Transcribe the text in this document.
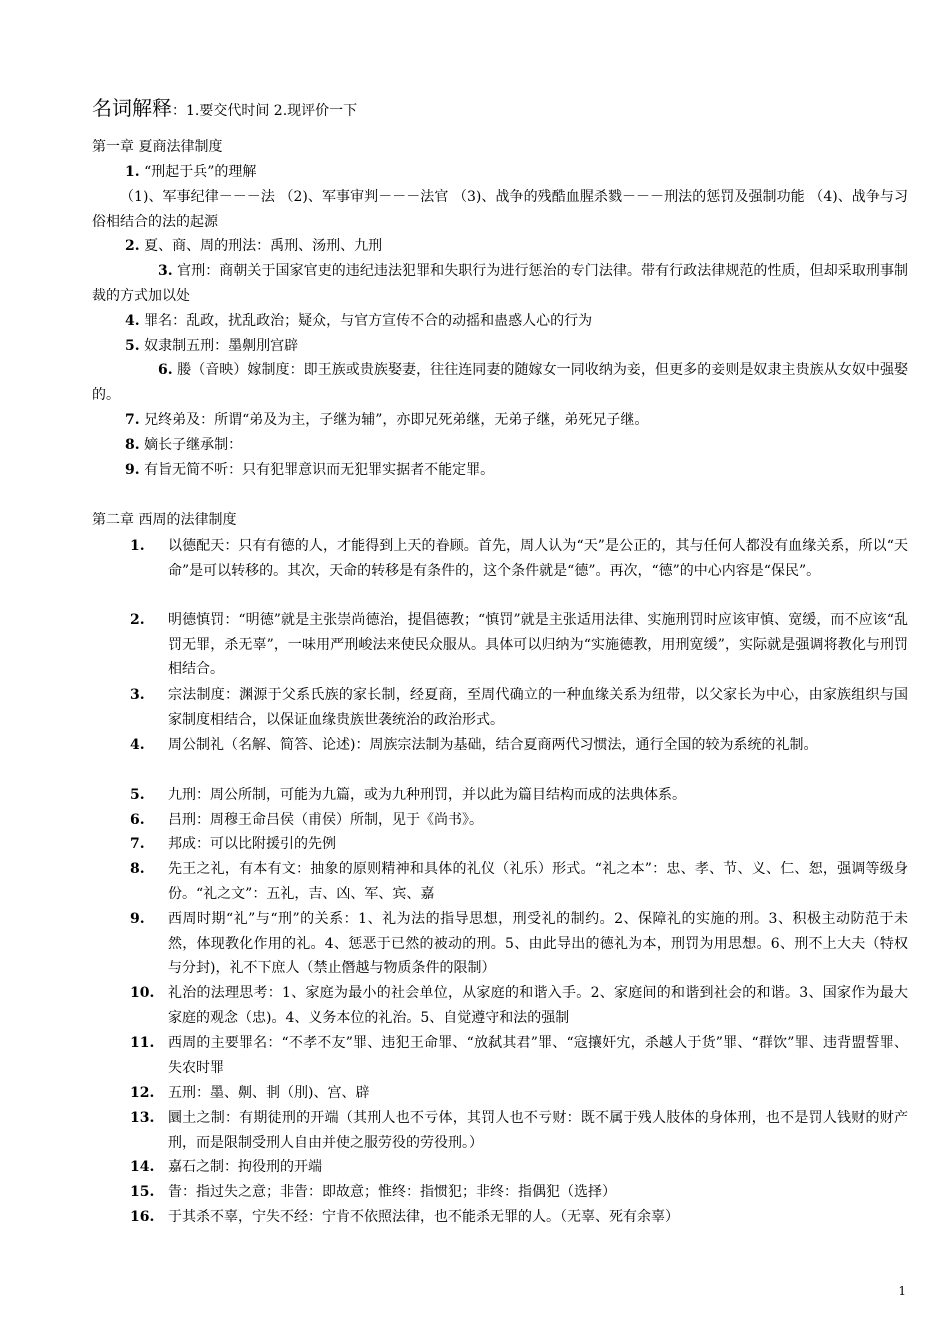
名词解释：1.要交代时间 2.现评价一下
第一章 夏商法律制度
1. “刑起于兵”的理解
（1)、军事纪律－－－法 （2)、军事审判－－－法官 （3)、战争的残酷血腥杀戮－－－刑法的惩罚及强制功能 （4)、战争与习俗相结合的法的起源
2. 夏、商、周的刑法：禹刑、汤刑、九刑
3. 官刑：商朝关于国家官吏的违纪违法犯罪和失职行为进行惩治的专门法律。带有行政法律规范的性质，但却采取刑事制裁的方式加以处
4. 罪名：乱政，扰乱政治；疑众，与官方宣传不合的动摇和蛊惑人心的行为
5. 奴隶制五刑：墨劓刖宫辟
6. 媵（音映）嫁制度：即王族或贵族娶妻，往往连同妻的随嫁女一同收纳为妾，但更多的妾则是奴隶主贵族从女奴中强娶的。
7. 兄终弟及：所谓“弟及为主，子继为辅”，亦即兄死弟继，无弟子继，弟死兄子继。
8. 嫡长子继承制：
9. 有旨无简不听：只有犯罪意识而无犯罪实据者不能定罪。
第二章 西周的法律制度
1. 以德配天：只有有德的人，才能得到上天的眷顾。首先，周人认为“天”是公正的，其与任何人都没有血缘关系，所以“天命”是可以转移的。其次，天命的转移是有条件的，这个条件就是“德”。再次，“德”的中心内容是“保民”。
2. 明德慎罚：“明德”就是主张崇尚德治，提倡德教；“慎罚”就是主张适用法律、实施刑罚时应该审慎、宽缓，而不应该“乱罚无罪，杀无辜”，一味用严刑峻法来使民众服从。具体可以归纳为“实施德教，用刑宽缓”，实际就是强调将教化与刑罚相结合。
3. 宗法制度：渊源于父系氏族的家长制，经夏商，至周代确立的一种血缘关系为纽带，以父家长为中心，由家族组织与国家制度相结合，以保证血缘贵族世袭统治的政治形式。
4. 周公制礼（名解、简答、论述)：周族宗法制为基础，结合夏商两代习惯法，通行全国的较为系统的礼制。
5. 九刑：周公所制，可能为九篇，或为九种刑罚，并以此为篇目结构而成的法典体系。
6. 吕刑：周穆王命吕侯（甫侯）所制，见于《尚书》。
7. 邦成：可以比附援引的先例
8. 先王之礼，有本有文：抽象的原则精神和具体的礼仪（礼乐）形式。“礼之本”：忠、孝、节、义、仁、恕，强调等级身份。“礼之文”：五礼，吉、凶、军、宾、嘉
9. 西周时期“礼”与“刑”的关系：1、礼为法的指导思想，刑受礼的制约。2、保障礼的实施的刑。3、积极主动防范于未然，体现教化作用的礼。4、惩恶于已然的被动的刑。5、由此导出的德礼为本，刑罚为用思想。6、刑不上大夫（特权与分封)，礼不下庶人（禁止僭越与物质条件的限制）
10. 礼治的法理思考：1、家庭为最小的社会单位，从家庭的和谐入手。2、家庭间的和谐到社会的和谐。3、国家作为最大家庭的观念（忠)。4、义务本位的礼治。5、自觉遵守和法的强制
11. 西周的主要罪名：“不孝不友”罪、违犯王命罪、“放弑其君”罪、“寇攘奸宄，杀越人于货”罪、“群饮”罪、违背盟誓罪、失农时罪
12. 五刑：墨、劓、剕（刖)、宫、辟
13. 圜土之制：有期徒刑的开端（其刑人也不亏体，其罚人也不亏财：既不属于残人肢体的身体刑，也不是罚人钱财的财产刑，而是限制受刑人自由并使之服劳役的劳役刑。）
14. 嘉石之制：拘役刑的开端
15. 眚：指过失之意；非眚：即故意；惟终：指惯犯；非终：指偶犯（选择）
16. 于其杀不辜，宁失不经：宁肯不依照法律，也不能杀无罪的人。（无辜、死有余辜）
1
